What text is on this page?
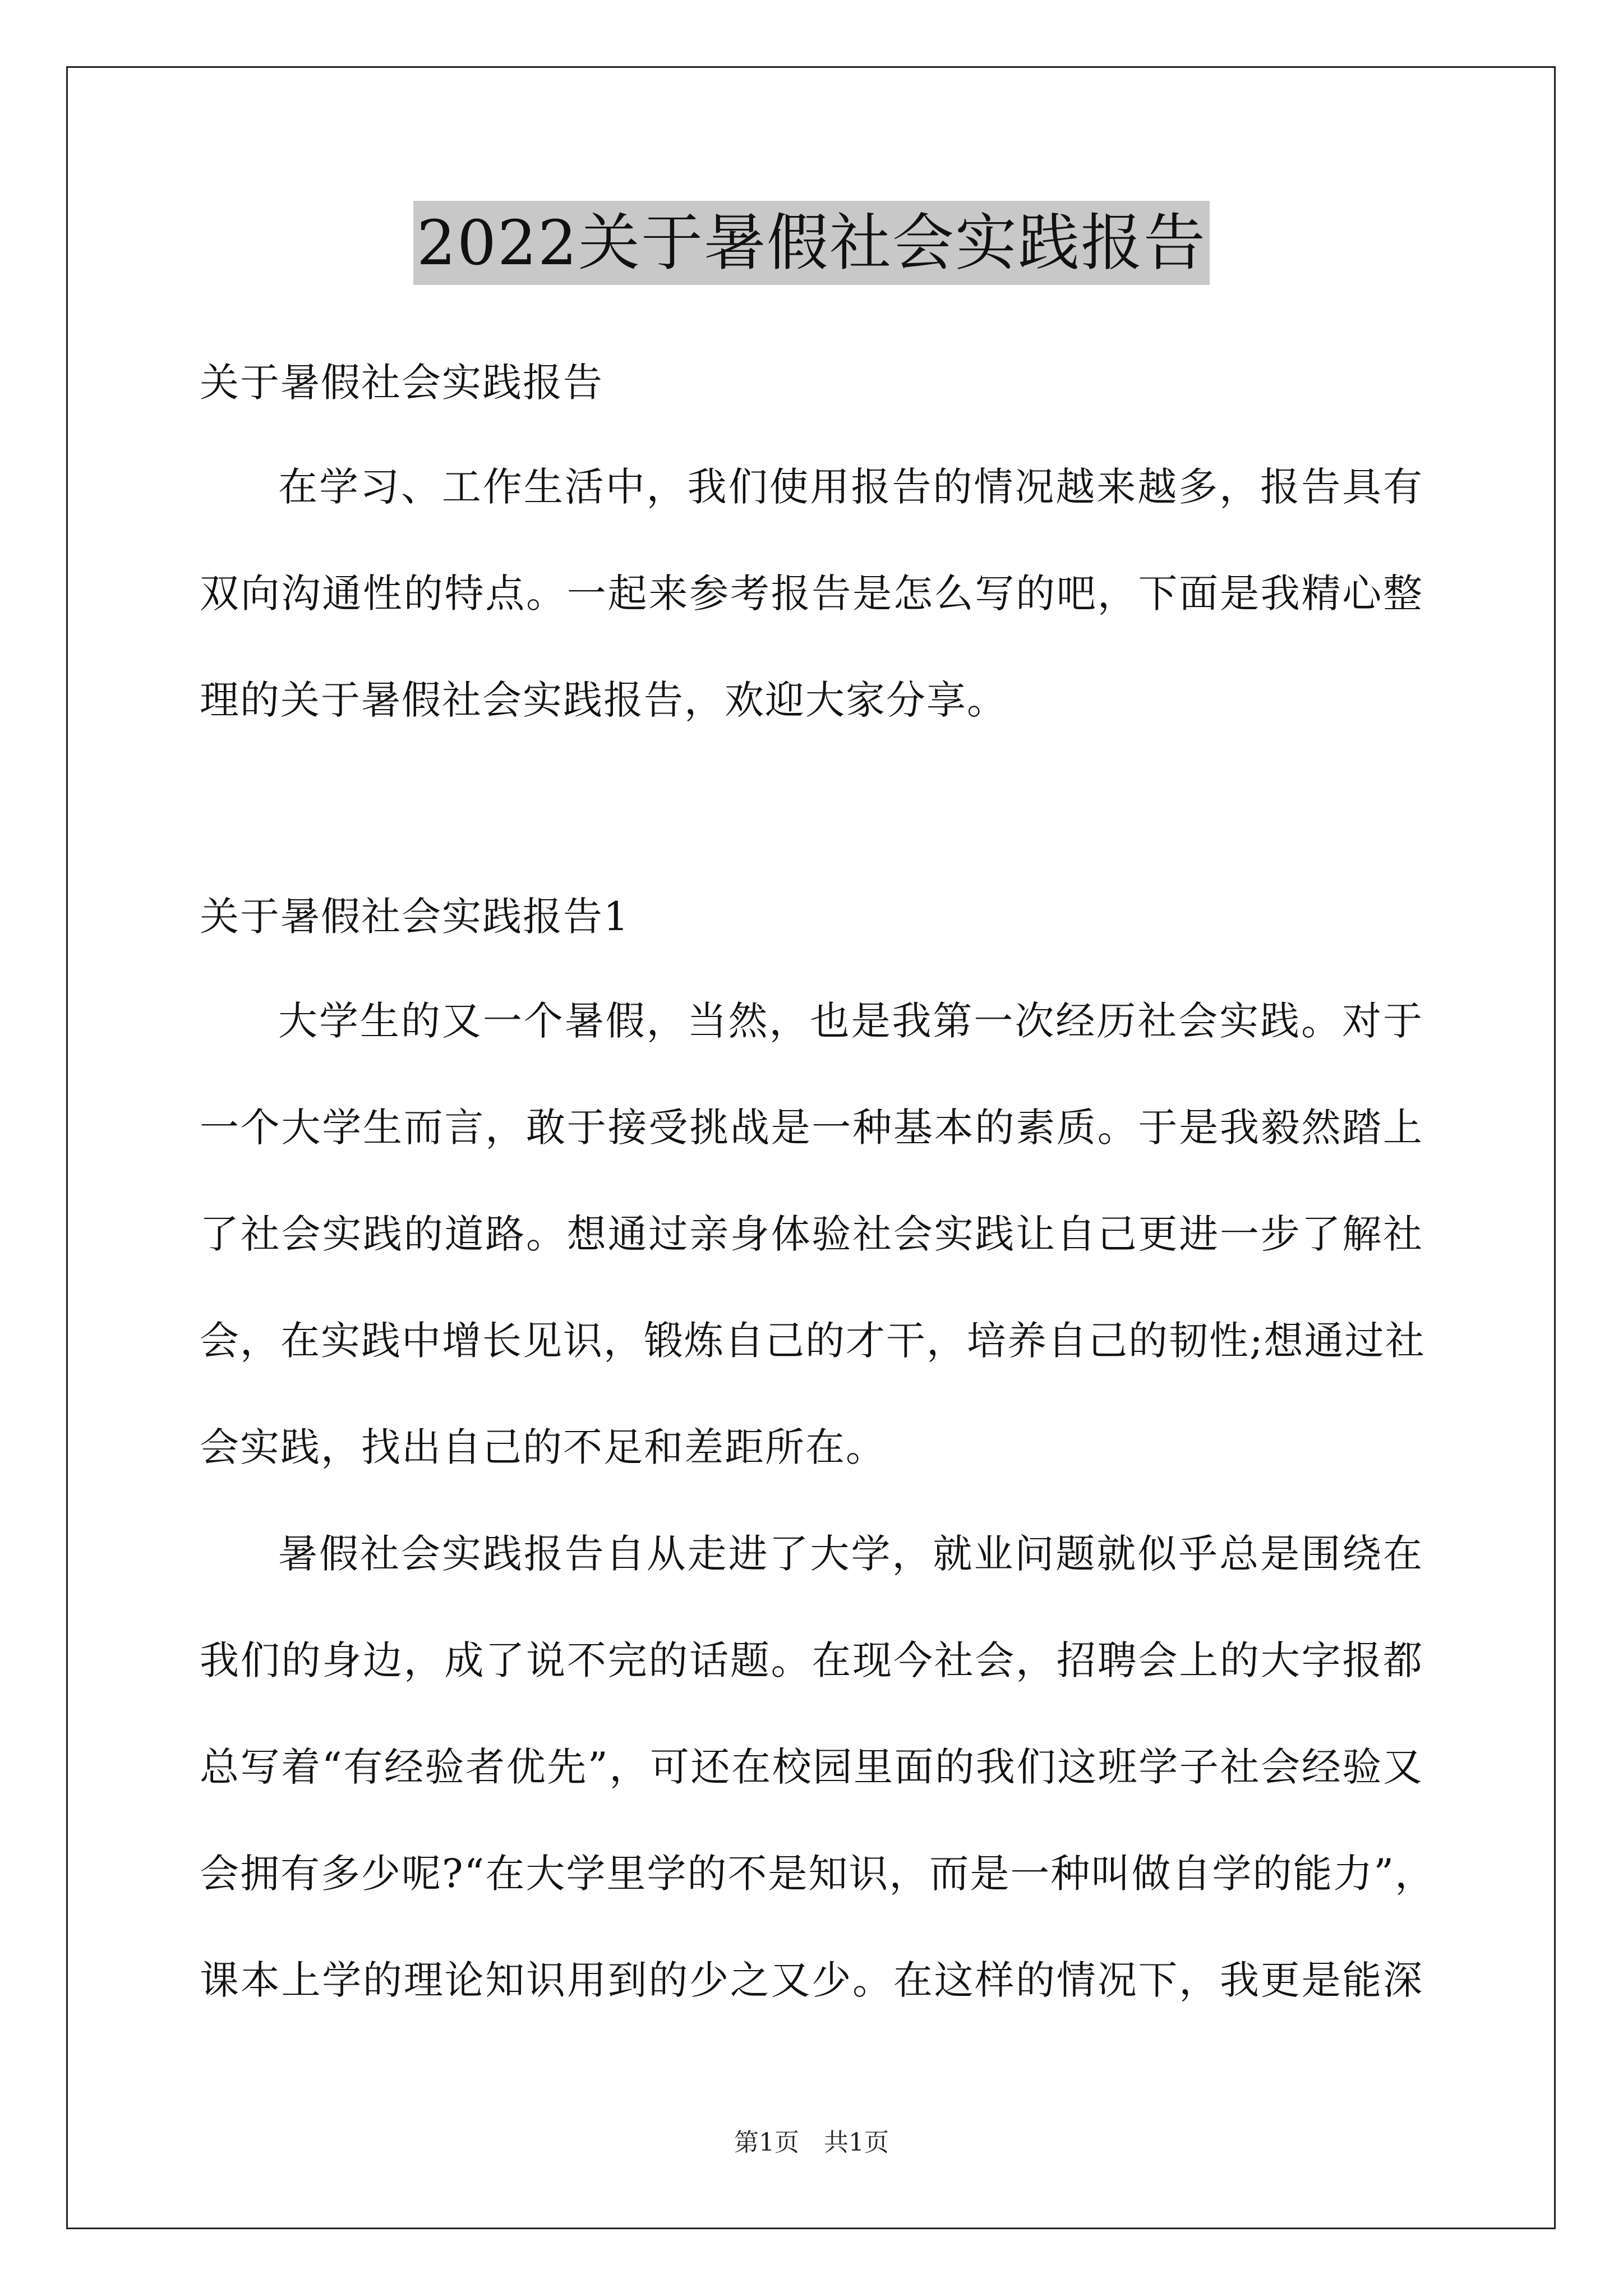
2022关于暑假社会实践报告
关于暑假社会实践报告
在学习、工作生活中，我们使用报告的情况越来越多，报告具有
双向沟通性的特点。一起来参考报告是怎么写的吧，下面是我精心整
理的关于暑假社会实践报告，欢迎大家分享。
关于暑假社会实践报告1
大学生的又一个暑假，当然，也是我第一次经历社会实践。对于
一个大学生而言，敢于接受挑战是一种基本的素质。于是我毅然踏上
了社会实践的道路。想通过亲身体验社会实践让自己更进一步了解社
会，在实践中增长见识，锻炼自己的才干，培养自己的韧性;想通过社
会实践，找出自己的不足和差距所在。
暑假社会实践报告自从走进了大学，就业问题就似乎总是围绕在
我们的身边，成了说不完的话题。在现今社会，招聘会上的大字报都
总写着“有经验者优先”，可还在校园里面的我们这班学子社会经验又
会拥有多少呢?“在大学里学的不是知识，而是一种叫做自学的能力”，
课本上学的理论知识用到的少之又少。在这样的情况下，我更是能深
第1页　共1页
